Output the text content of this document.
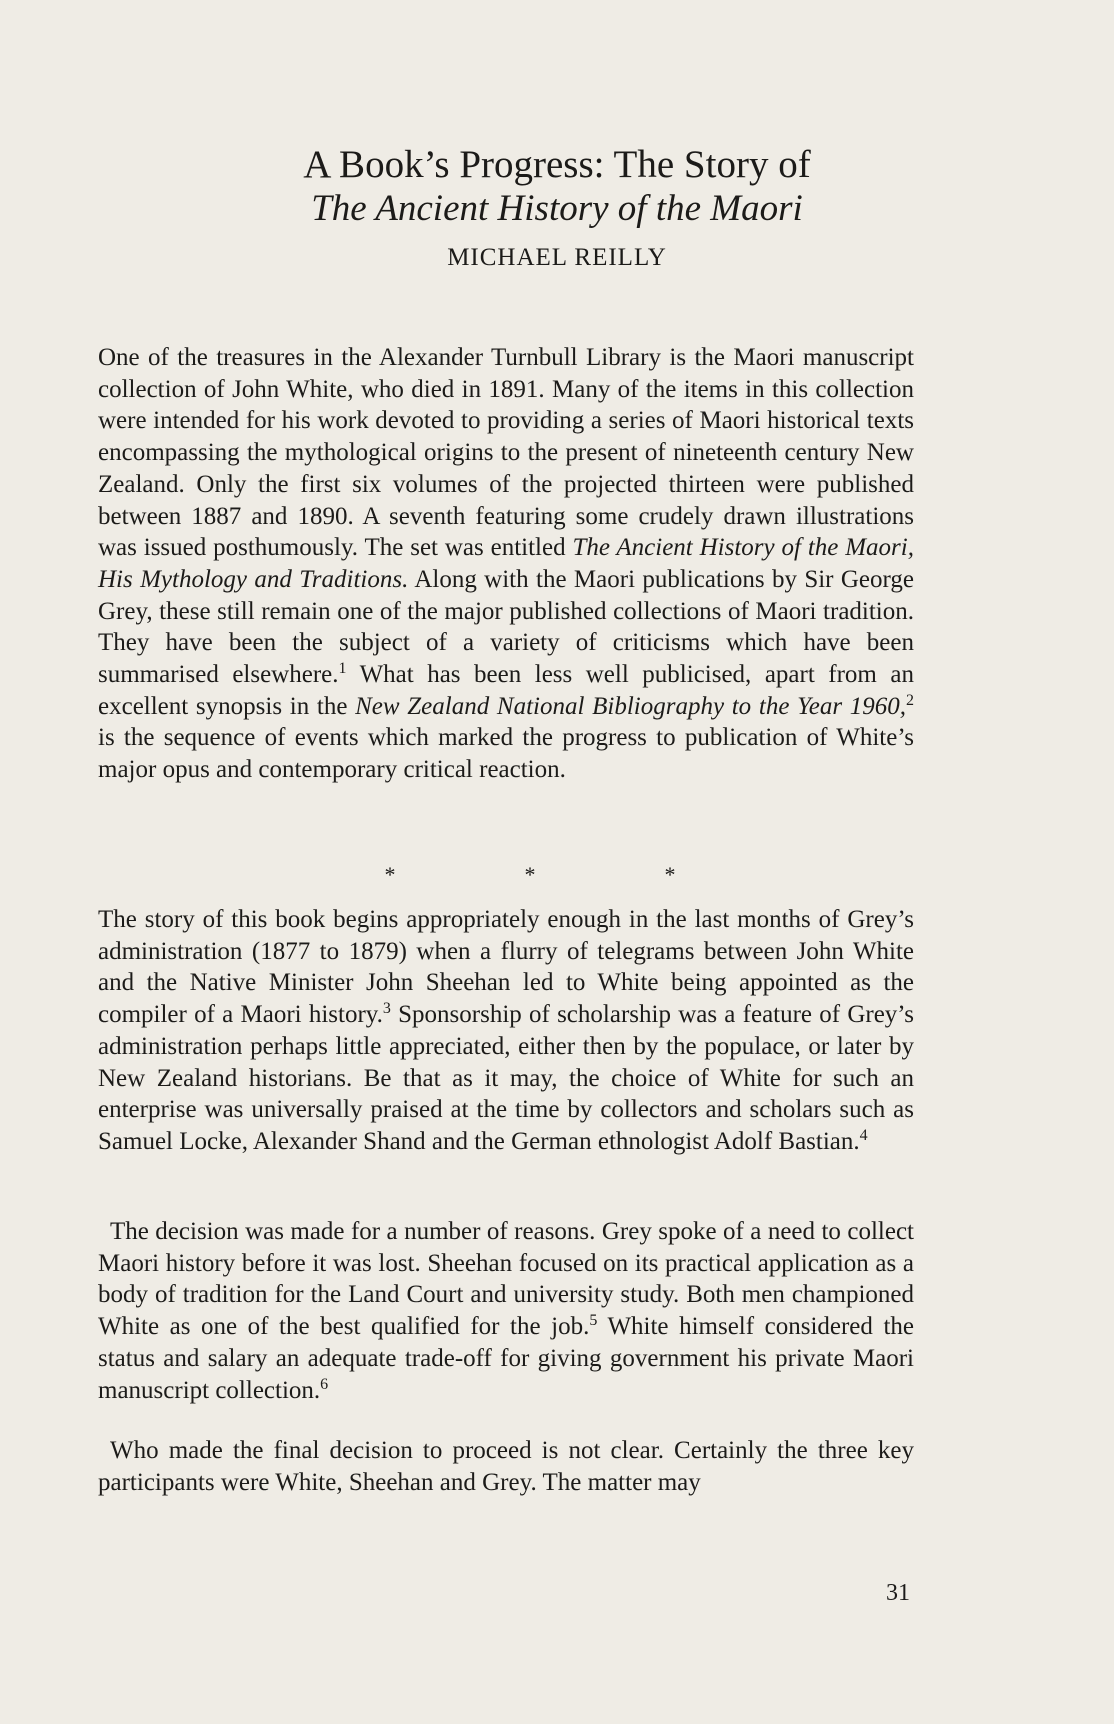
A Book’s Progress: The Story of
The Ancient History of the Maori
MICHAEL REILLY

One of the treasures in the Alexander Turnbull Library is the Maori manuscript collection of John White, who died in 1891. Many of the items in this collection were intended for his work devoted to providing a series of Maori historical texts encompassing the mythological origins to the present of nineteenth century New Zealand. Only the first six volumes of the projected thirteen were published between 1887 and 1890. A seventh featuring some crudely drawn illustrations was issued posthumously. The set was entitled The Ancient History of the Maori, His Mythology and Traditions. Along with the Maori publications by Sir George Grey, these still remain one of the major published collections of Maori tradition. They have been the subject of a variety of criticisms which have been summarised elsewhere.$^1$ What has been less well publicised, apart from an excellent synopsis in the New Zealand National Bibliography to the Year 1960,$^2$ is the sequence of events which marked the progress to publication of White’s major opus and contemporary critical reaction.

*	*	*

The story of this book begins appropriately enough in the last months of Grey’s administration (1877 to 1879) when a flurry of telegrams between John White and the Native Minister John Sheehan led to White being appointed as the compiler of a Maori history.$^3$ Sponsorship of scholarship was a feature of Grey’s administration perhaps little appreciated, either then by the populace, or later by New Zealand historians. Be that as it may, the choice of White for such an enterprise was universally praised at the time by collectors and scholars such as Samuel Locke, Alexander Shand and the German ethnologist Adolf Bastian.$^4$

The decision was made for a number of reasons. Grey spoke of a need to collect Maori history before it was lost. Sheehan focused on its practical application as a body of tradition for the Land Court and university study. Both men championed White as one of the best qualified for the job.$^5$ White himself considered the status and salary an adequate trade-off for giving government his private Maori manuscript collection.$^6$

Who made the final decision to proceed is not clear. Certainly the three key participants were White, Sheehan and Grey. The matter may

31
